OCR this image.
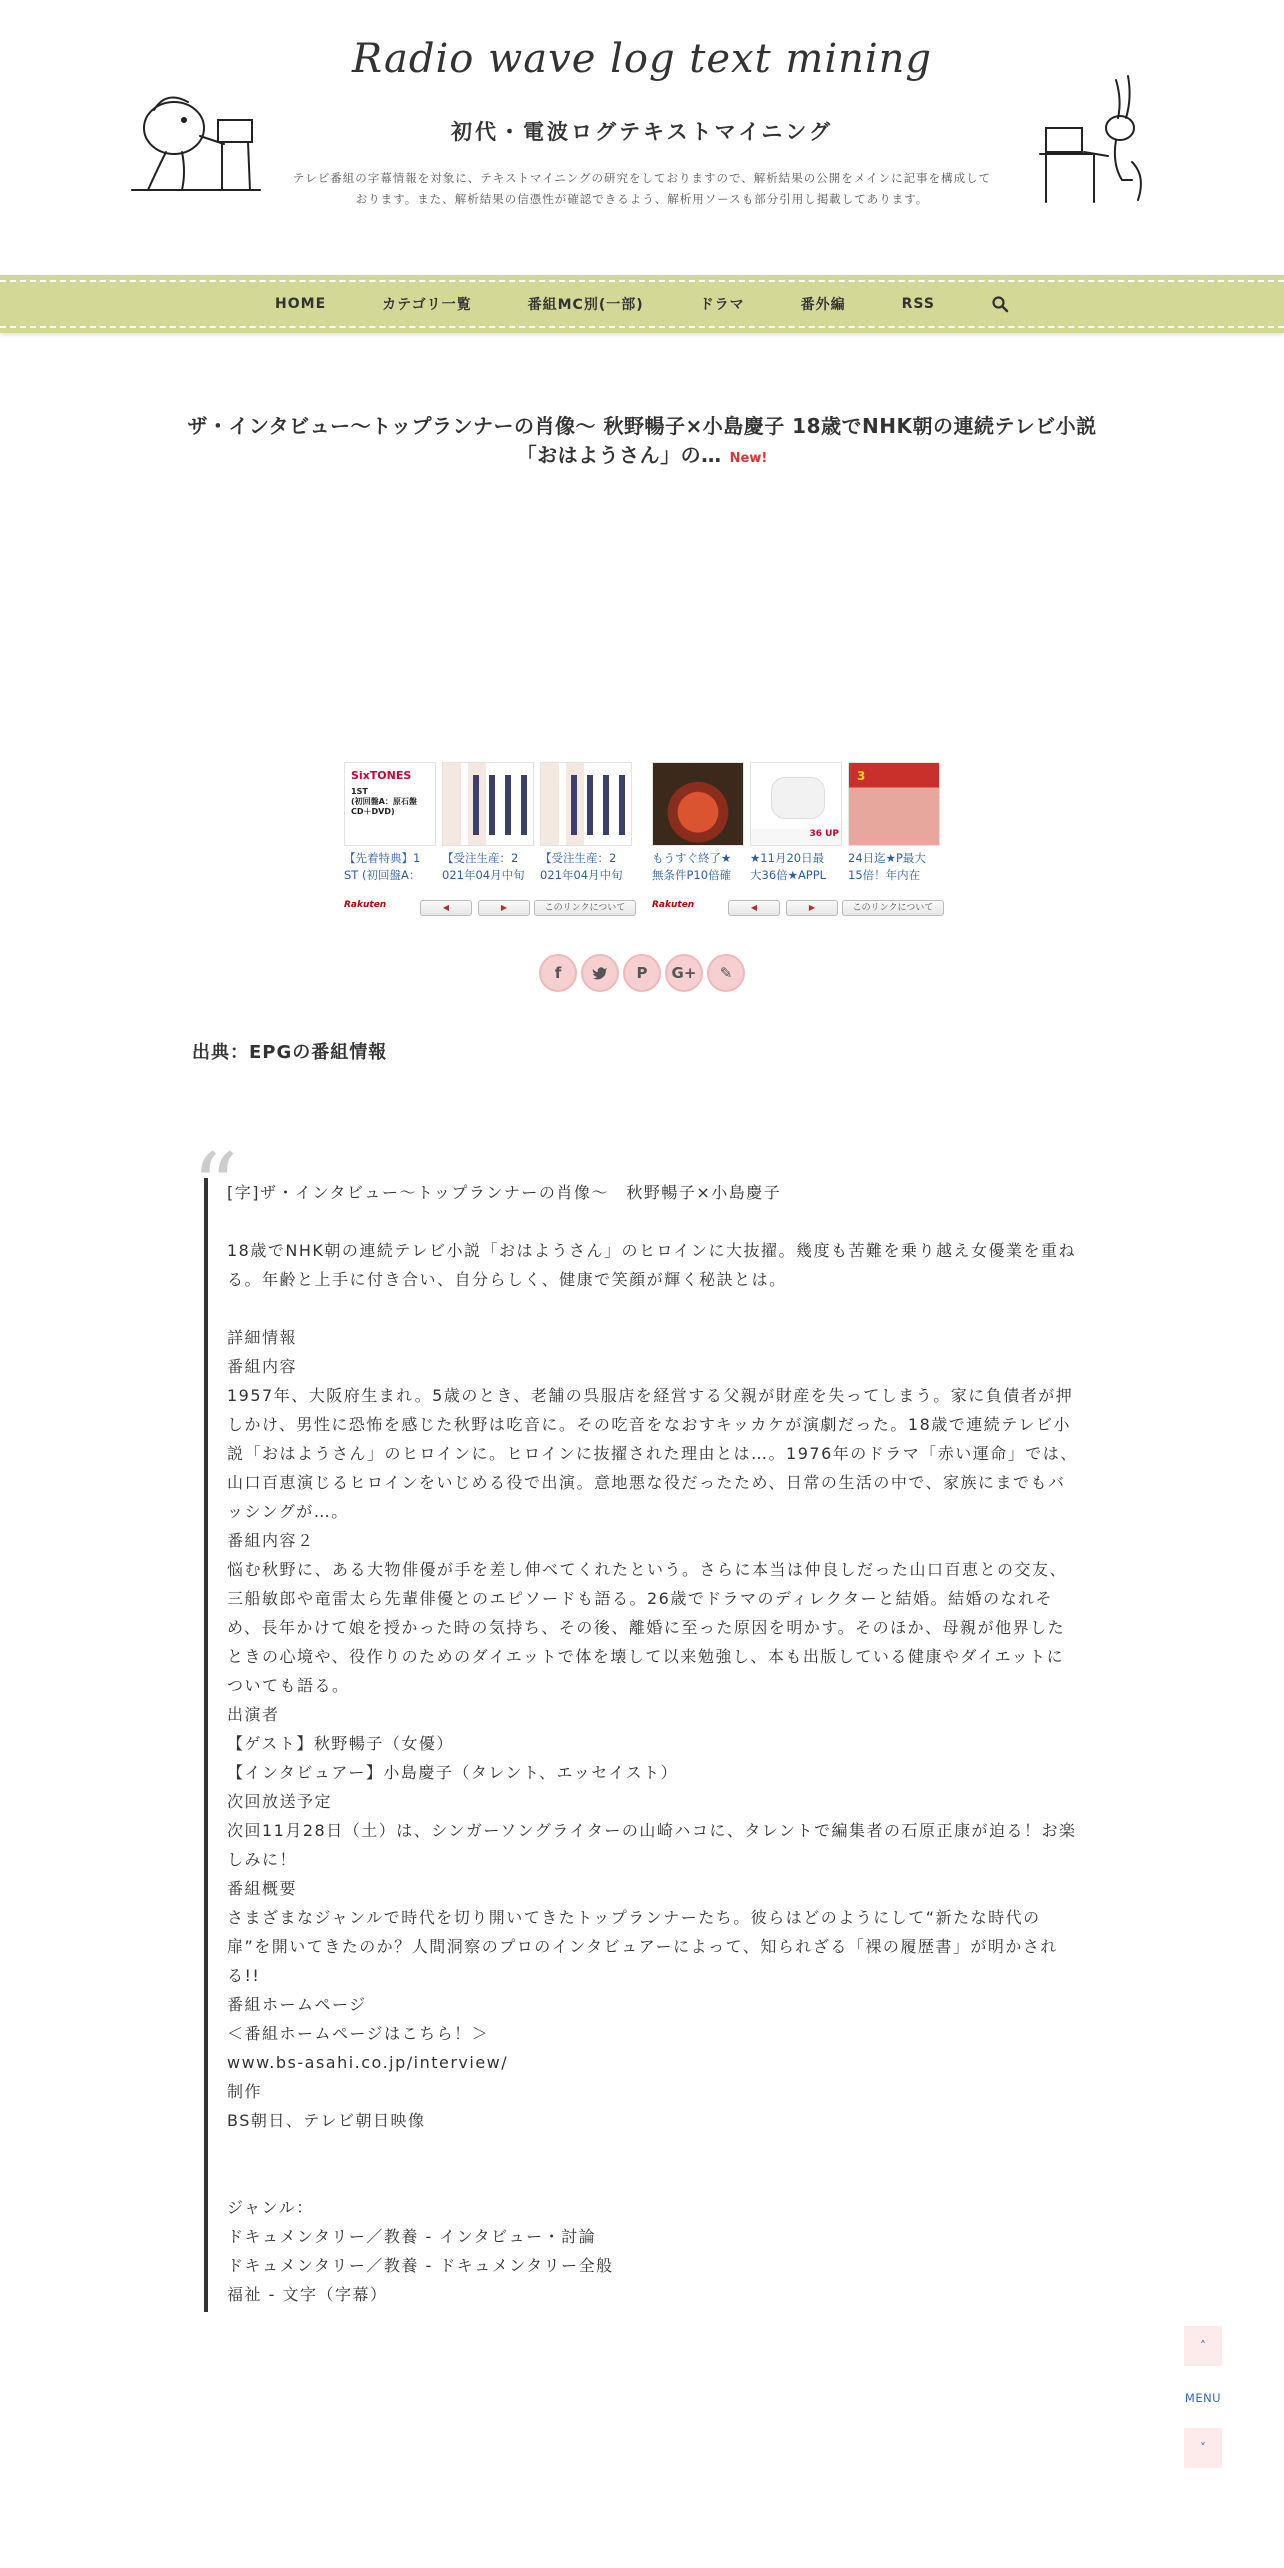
Radio wave log text mining
初代・電波ログテキストマイニング
テレビ番組の字幕情報を対象に、テキストマイニングの研究をしておりますので、解析結果の公開をメインに記事を構成して
おります。また、解析結果の信憑性が確認できるよう、解析用ソースも部分引用し掲載してあります。
HOME	カテゴリ一覧	番組MC別(一部)	ドラマ	番外編	RSS
ザ・インタビュー～トップランナーの肖像～ 秋野暢子×小島慶子 18歳でNHK朝の連続テレビ小説「おはようさん」の… New!
SixTONES
1ST
(初回盤A：原石盤
CD＋DVD)
【先着特典】1
ST (初回盤A：
【受注生産：2
021年04月中旬
【受注生産：2
021年04月中旬
Rakuten	◀	▶	このリンクについて
もうすぐ終了★
無条件P10倍確
36 UP
★11月20日最
大36倍★APPL
3
24日迄★P最大
15倍！年内在
Rakuten	◀	▶	このリンクについて
f	P	G+	✎
出典：EPGの番組情報
“
[字]ザ・インタビュー～トップランナーの肖像～　秋野暢子×小島慶子
18歳でNHK朝の連続テレビ小説「おはようさん」のヒロインに大抜擢。幾度も苦難を乗り越え女優業を重ね
る。年齢と上手に付き合い、自分らしく、健康で笑顔が輝く秘訣とは。
詳細情報
番組内容
1957年、大阪府生まれ。5歳のとき、老舗の呉服店を経営する父親が財産を失ってしまう。家に負債者が押
しかけ、男性に恐怖を感じた秋野は吃音に。その吃音をなおすキッカケが演劇だった。18歳で連続テレビ小
説「おはようさん」のヒロインに。ヒロインに抜擢された理由とは…。1976年のドラマ「赤い運命」では、
山口百恵演じるヒロインをいじめる役で出演。意地悪な役だったため、日常の生活の中で、家族にまでもバ
ッシングが…。
番組内容２
悩む秋野に、ある大物俳優が手を差し伸べてくれたという。さらに本当は仲良しだった山口百恵との交友、
三船敏郎や竜雷太ら先輩俳優とのエピソードも語る。26歳でドラマのディレクターと結婚。結婚のなれそ
め、長年かけて娘を授かった時の気持ち、その後、離婚に至った原因を明かす。そのほか、母親が他界した
ときの心境や、役作りのためのダイエットで体を壊して以来勉強し、本も出版している健康やダイエットに
ついても語る。
出演者
【ゲスト】秋野暢子（女優）
【インタビュアー】小島慶子（タレント、エッセイスト）
次回放送予定
次回11月28日（土）は、シンガーソングライターの山崎ハコに、タレントで編集者の石原正康が迫る！お楽
しみに！
番組概要
さまざまなジャンルで時代を切り開いてきたトップランナーたち。彼らはどのようにして“新たな時代の
扉”を開いてきたのか？人間洞察のプロのインタビュアーによって、知られざる「裸の履歴書」が明かされ
る!!
番組ホームページ
＜番組ホームページはこちら！＞
www.bs-asahi.co.jp/interview/
制作
BS朝日、テレビ朝日映像
ジャンル：
ドキュメンタリー／教養 - インタビュー・討論
ドキュメンタリー／教養 - ドキュメンタリー全般
福祉 - 文字（字幕）
˄
MENU
˅
